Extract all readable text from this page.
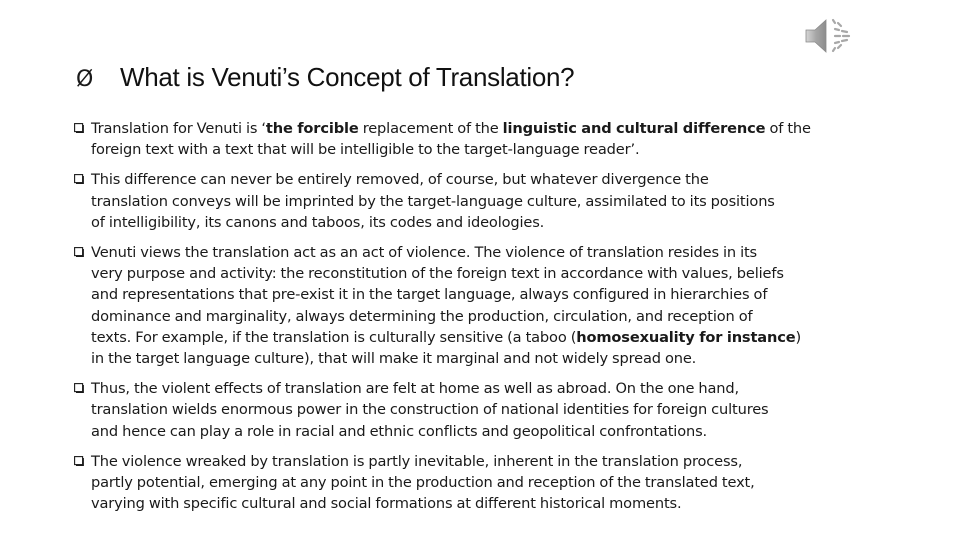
Ø	What is Venuti’s Concept of Translation?
Translation for Venuti is ‘the forcible replacement of the linguistic and cultural difference of the
foreign text with a text that will be intelligible to the target-language reader’.
This difference can never be entirely removed, of course, but whatever divergence the
translation conveys will be imprinted by the target-language culture, assimilated to its positions
of intelligibility, its canons and taboos, its codes and ideologies.
Venuti views the translation act as an act of violence. The violence of translation resides in its
very purpose and activity: the reconstitution of the foreign text in accordance with values, beliefs
and representations that pre-exist it in the target language, always configured in hierarchies of
dominance and marginality, always determining the production, circulation, and reception of
texts. For example, if the translation is culturally sensitive (a taboo (homosexuality for instance)
in the target language culture), that will make it marginal and not widely spread one.
Thus, the violent effects of translation are felt at home as well as abroad. On the one hand,
translation wields enormous power in the construction of national identities for foreign cultures
and hence can play a role in racial and ethnic conflicts and geopolitical confrontations.
The violence wreaked by translation is partly inevitable, inherent in the translation process,
partly potential, emerging at any point in the production and reception of the translated text,
varying with specific cultural and social formations at different historical moments.
